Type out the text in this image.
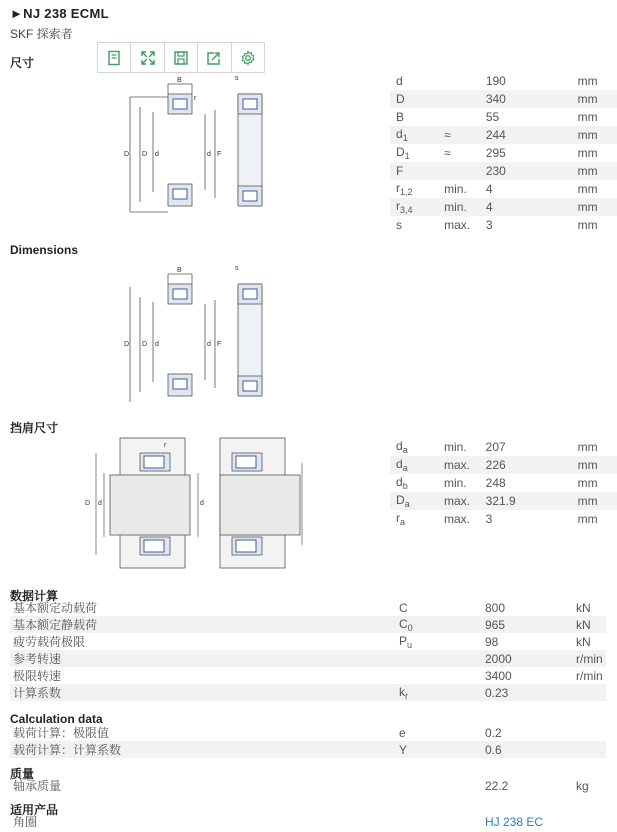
►NJ 238 ECML
SKF 探索者
尺寸
B	s
r
D D d	d F
d		190	mm
D		340	mm
B		55	mm
$d_1$	≈	244	mm
$D_1$	≈	295	mm
F		230	mm
$r_{1,2}$	min.	4	mm
$r_{3,4}$	min.	4	mm
s	max.	3	mm
Dimensions
B	s
D D d	d F
挡肩尺寸
D d	d
r	$d_a$	min.	207	mm
$d_a$	max.	226	mm
$d_b$	min.	248	mm
$D_a$	max.	321.9	mm
$r_a$	max.	3	mm
数据计算
基本额定动载荷	C	800	kN
基本额定静载荷	$C_0$	965	kN
疲劳载荷极限	$P_u$	98	kN
参考转速		2000	r/min
极限转速		3400	r/min
计算系数	$k_r$	0.23	
Calculation data
载荷计算：极限值	e	0.2	
载荷计算：计算系数	Y	0.6	
质量
轴承质量		22.2	kg
适用产品
角圈		HJ 238 EC	
